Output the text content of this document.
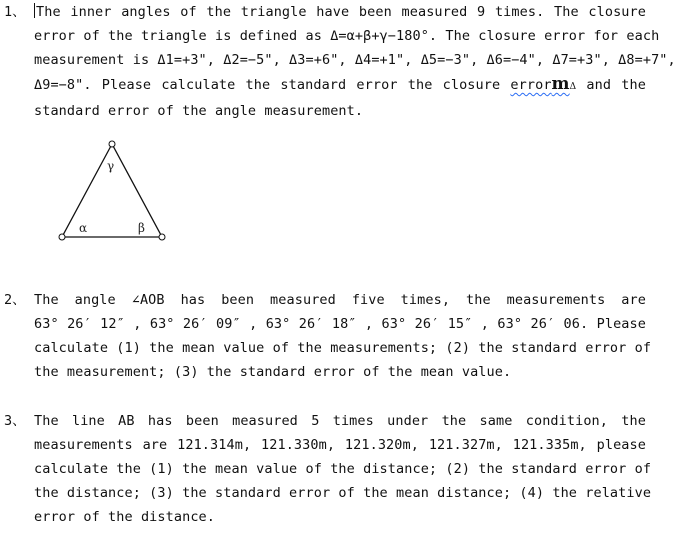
1、 The inner angles of the triangle have been measured 9 times. The closure
error of the triangle is defined as Δ=α+β+γ−180°. The closure error for each
measurement is Δ1=+3", Δ2=−5", Δ3=+6", Δ4=+1", Δ5=−3", Δ6=−4", Δ7=+3", Δ8=+7",
Δ9=−8". Please calculate the standard error the closure errormΔ and the
standard error of the angle measurement.
γ
α	β
2、 The angle ∠AOB has been measured five times, the measurements are
63° 26′ 12″ , 63° 26′ 09″ , 63° 26′ 18″ , 63° 26′ 15″ , 63° 26′ 06. Please
calculate (1) the mean value of the measurements; (2) the standard error of
the measurement; (3) the standard error of the mean value.
3、 The line AB has been measured 5 times under the same condition, the
measurements are 121.314m, 121.330m, 121.320m, 121.327m, 121.335m, please
calculate the (1) the mean value of the distance; (2) the standard error of
the distance; (3) the standard error of the mean distance; (4) the relative
error of the distance.
